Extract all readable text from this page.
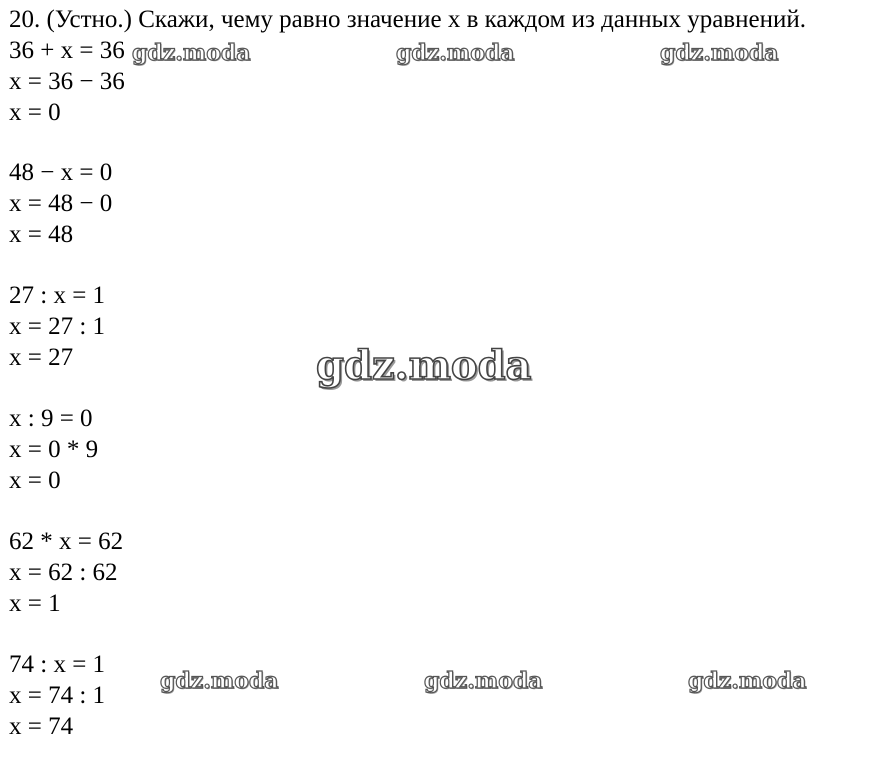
20. (Устно.) Скажи, чему равно значение x в каждом из данных уравнений.

36 + x = 36

x = 36 − 36

x = 0

48 − x = 0

x = 48 − 0

x = 48

27 : x = 1

x = 27 : 1

x = 27

x : 9 = 0

x = 0 * 9

x = 0

62 * x = 62

x = 62 : 62

x = 1

74 : x = 1

x = 74 : 1

x = 74

gdz.moda	gdz.moda	gdz.moda
gdz.moda
gdz.moda	gdz.moda	gdz.moda
